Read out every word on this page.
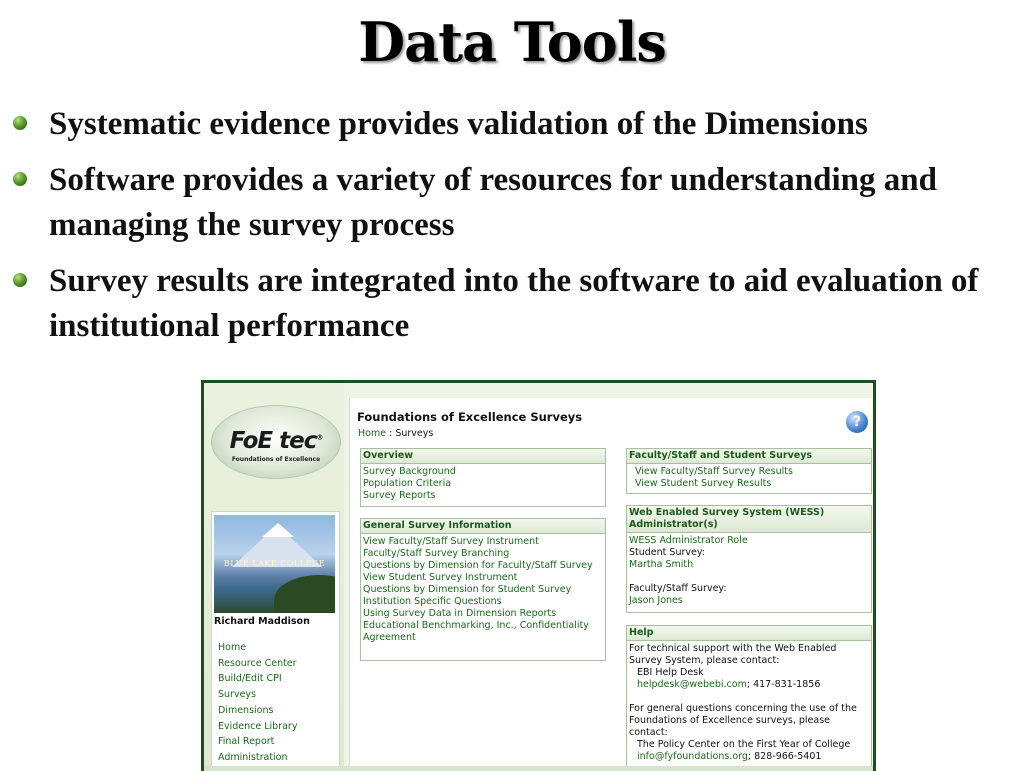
Data Tools
Systematic evidence provides validation of the Dimensions
Software provides a variety of resources for understanding and managing the survey process
Survey results are integrated into the software to aid evaluation of institutional performance
FoE tec®
Foundations of Excellence
BLUE LAKE COLLEGE
Richard Maddison
Home
Resource Center
Build/Edit CPI
Surveys
Dimensions
Evidence Library
Final Report
Administration
Foundations of Excellence Surveys
Home : Surveys
?
Overview
Survey Background
Population Criteria
Survey Reports
General Survey Information
View Faculty/Staff Survey Instrument
Faculty/Staff Survey Branching
Questions by Dimension for Faculty/Staff Survey
View Student Survey Instrument
Questions by Dimension for Student Survey
Institution Specific Questions
Using Survey Data in Dimension Reports
Educational Benchmarking, Inc., Confidentiality Agreement
Faculty/Staff and Student Surveys
View Faculty/Staff Survey Results
View Student Survey Results
Web Enabled Survey System (WESS) Administrator(s)
WESS Administrator Role
Student Survey:
Martha Smith
Faculty/Staff Survey:
Jason Jones
Help
For technical support with the Web Enabled Survey System, please contact:
EBI Help Desk
helpdesk@webebi.com; 417-831-1856
For general questions concerning the use of the Foundations of Excellence surveys, please contact:
The Policy Center on the First Year of College
info@fyfoundations.org; 828-966-5401
